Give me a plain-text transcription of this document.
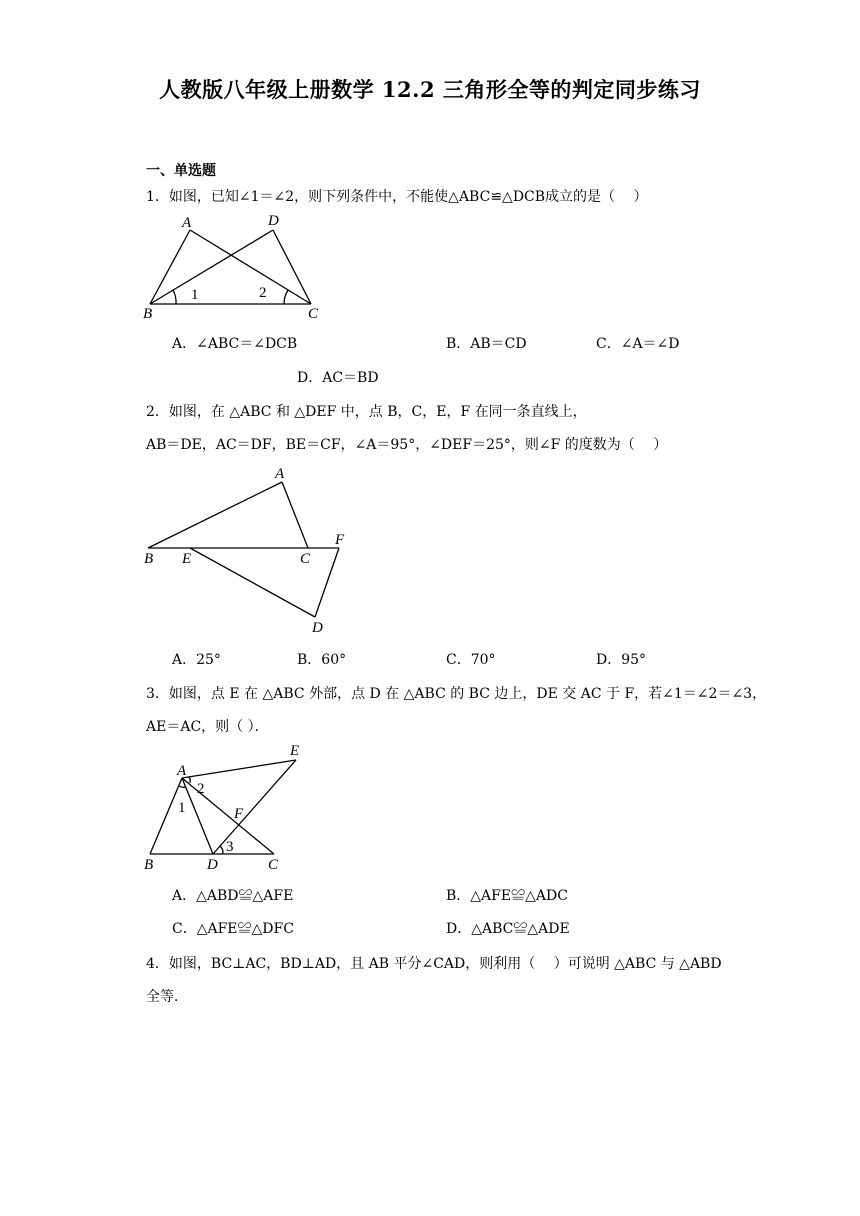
人教版八年级上册数学 12.2 三角形全等的判定同步练习
一、单选题
1．如图，已知∠1＝∠2，则下列条件中，不能使△ABC≌△DCB成立的是（　 ）
A	D
B	C
1	2
A．∠ABC＝∠DCB	B．AB＝CD	C．∠A＝∠D
D．AC＝BD
2．如图，在 △ABC 和 △DEF 中，点 B，C，E，F 在同一条直线上，
AB＝DE，AC＝DF，BE＝CF，∠A＝95°，∠DEF＝25°，则∠F 的度数为（　 ）
A
B E	C
F
D
A．25°	B．60°	C．70°	D．95°
3．如图，点 E 在 △ABC 外部，点 D 在 △ABC 的 BC 边上，DE 交 AC 于 F，若∠1＝∠2＝∠3，
AE＝AC，则（ ）．
A
E
F
B	D	C
1
2
3
A．△ABD≌△AFE	B．△AFE≌△ADC
C．△AFE≌△DFC	D．△ABC≌△ADE
4．如图，BC⊥AC，BD⊥AD，且 AB 平分∠CAD，则利用（　 ）可说明 △ABC 与 △ABD
全等．
